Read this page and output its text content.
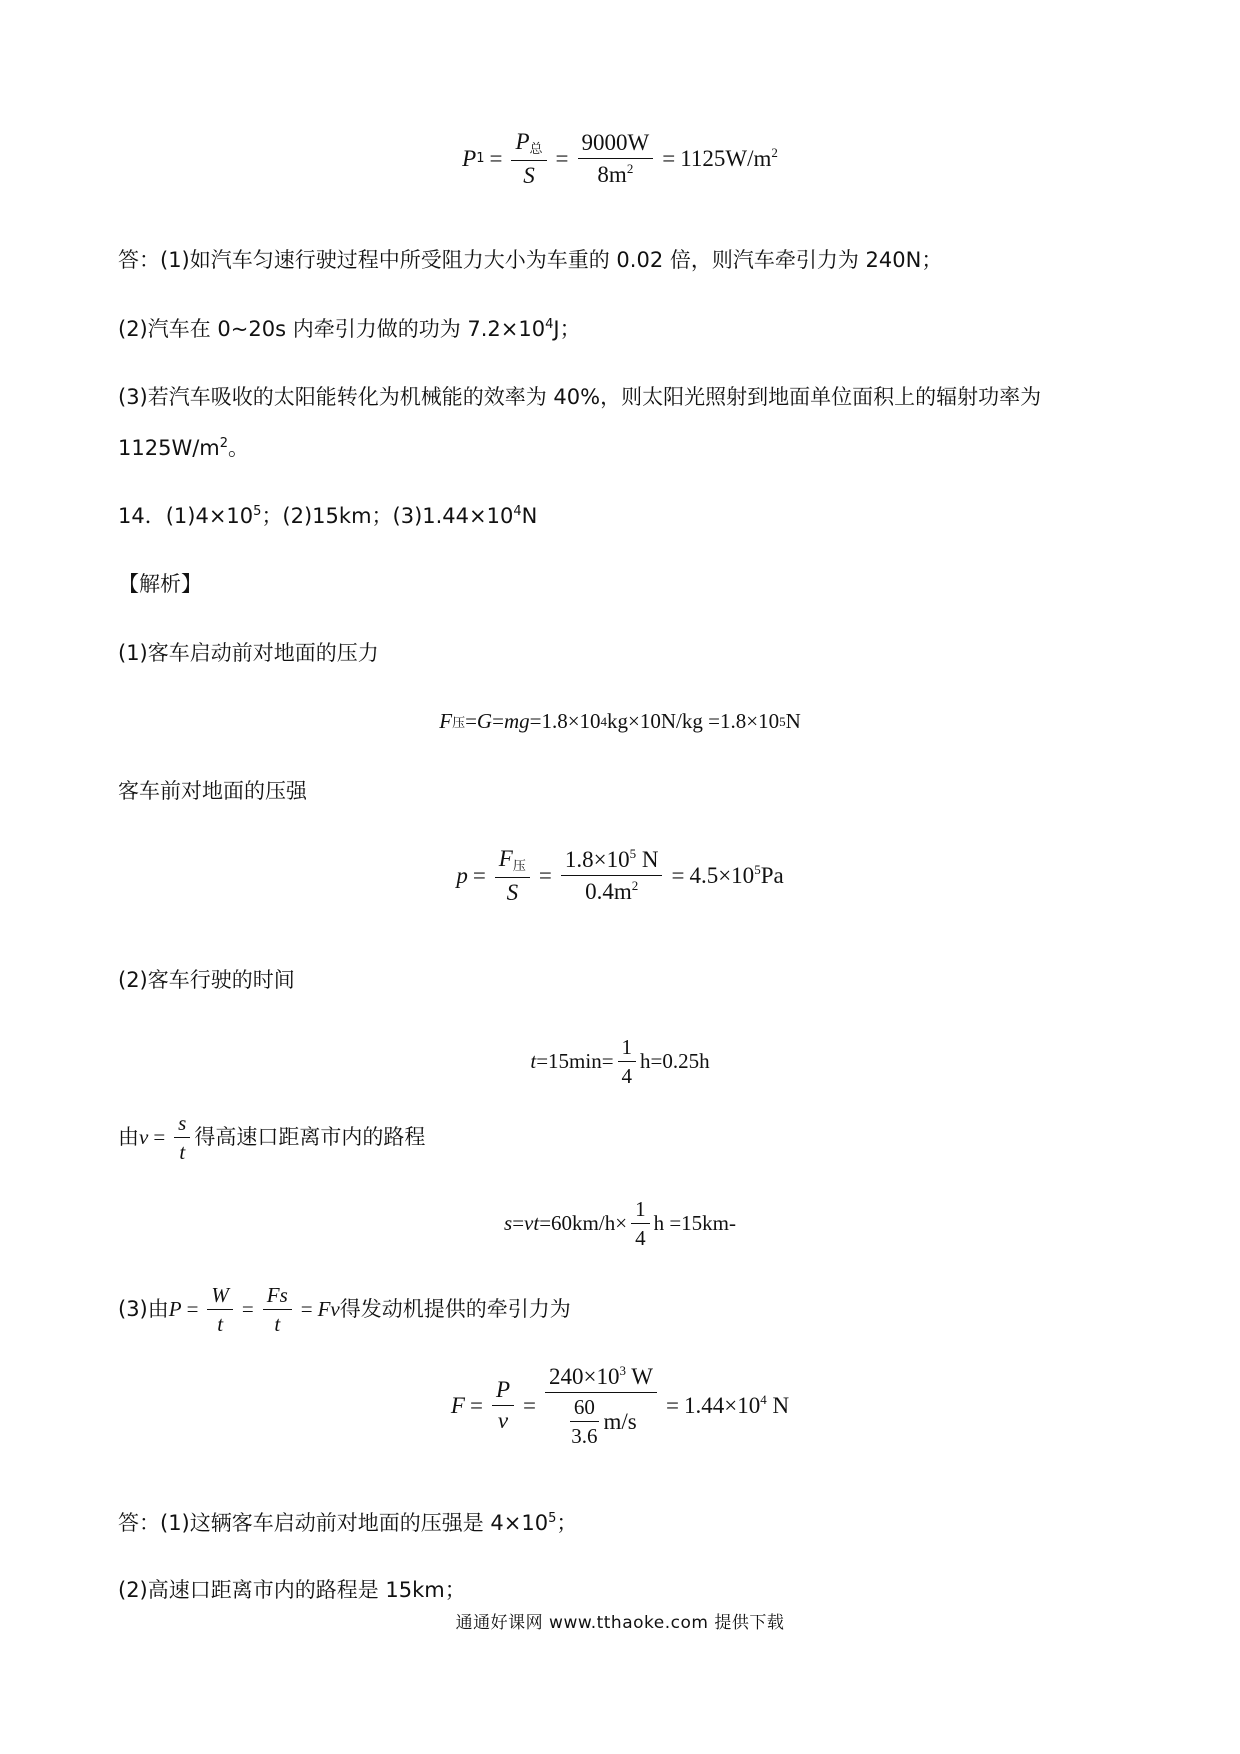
P $1 = \frac{P_总}{S} = \frac{9000W}{8m^2} = 1125W/m^2$
答：(1)如汽车匀速行驶过程中所受阻力大小为车重的 0.02 倍，则汽车牵引力为 240N；
(2)汽车在 0~20s 内牵引力做的功为 $7.2\times 10^4J$；
(3)若汽车吸收的太阳能转化为机械能的效率为 40%，则太阳光照射到地面单位面积上的辐射功率为
$1125W/m^2$。
14．$(1)4\times 10^5$；(2)15km；$(3)1.44\times 10^4N$
【解析】
(1)客车启动前对地面的压力
F 压 = G = mg =1.8×10 4 kg×10N/kg =1.8×10 5 N
客车前对地面的压强
$p = \frac{F_压}{S} = \frac{1.8\times 10^5 N}{0.4m^2} = 4.5\times 10^5Pa$
(2)客车行驶的时间
$t =15\min= \frac{1}{4} h=0.25h$
由 $v = \frac{s}{t}$ 得高速口距离市内的路程
s = vt $=60km/h\times \frac{1}{4}$ h =15km-
(3)由 $P = \frac{W}{t} = \frac{Fs}{t} = Fv$ 得发动机提供的牵引力为
$F = \frac{P}{v} = \frac{240\times 10^3 W}{\frac{60}{3.6} m/s} = 1.44\times 10^4$ N
答：(1)这辆客车启动前对地面的压强是 $4\times 10^5$；
(2)高速口距离市内的路程是 15km；
通通好课网 www.tthaoke.com 提供下载
